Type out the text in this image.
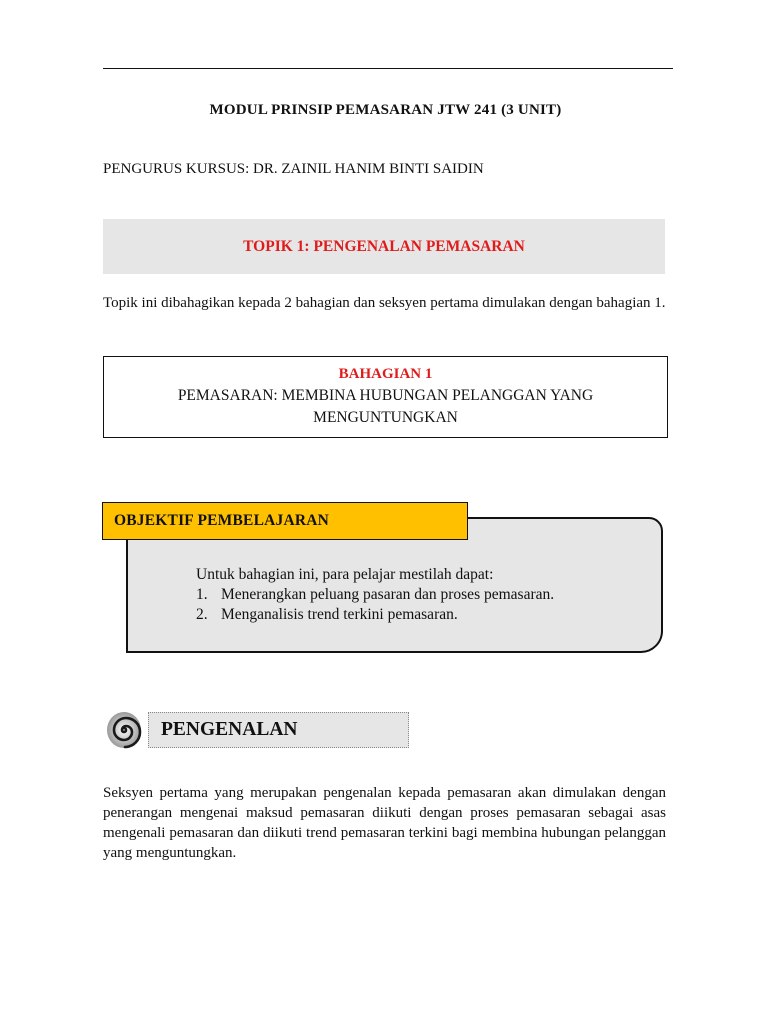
MODUL PRINSIP PEMASARAN JTW 241 (3 UNIT)
PENGURUS KURSUS: DR. ZAINIL HANIM BINTI SAIDIN
TOPIK 1: PENGENALAN PEMASARAN
Topik ini dibahagikan kepada 2 bahagian dan seksyen pertama dimulakan dengan bahagian 1.
BAHAGIAN 1
PEMASARAN: MEMBINA HUBUNGAN PELANGGAN YANG MENGUNTUNGKAN
OBJEKTIF PEMBELAJARAN
Untuk bahagian ini, para pelajar mestilah dapat:
1. Menerangkan peluang pasaran dan proses pemasaran.
2. Menganalisis trend terkini pemasaran.
PENGENALAN
Seksyen pertama yang merupakan pengenalan kepada pemasaran akan dimulakan dengan penerangan mengenai maksud pemasaran diikuti dengan proses pemasaran sebagai asas mengenali pemasaran dan diikuti trend pemasaran terkini bagi membina hubungan pelanggan yang menguntungkan.
